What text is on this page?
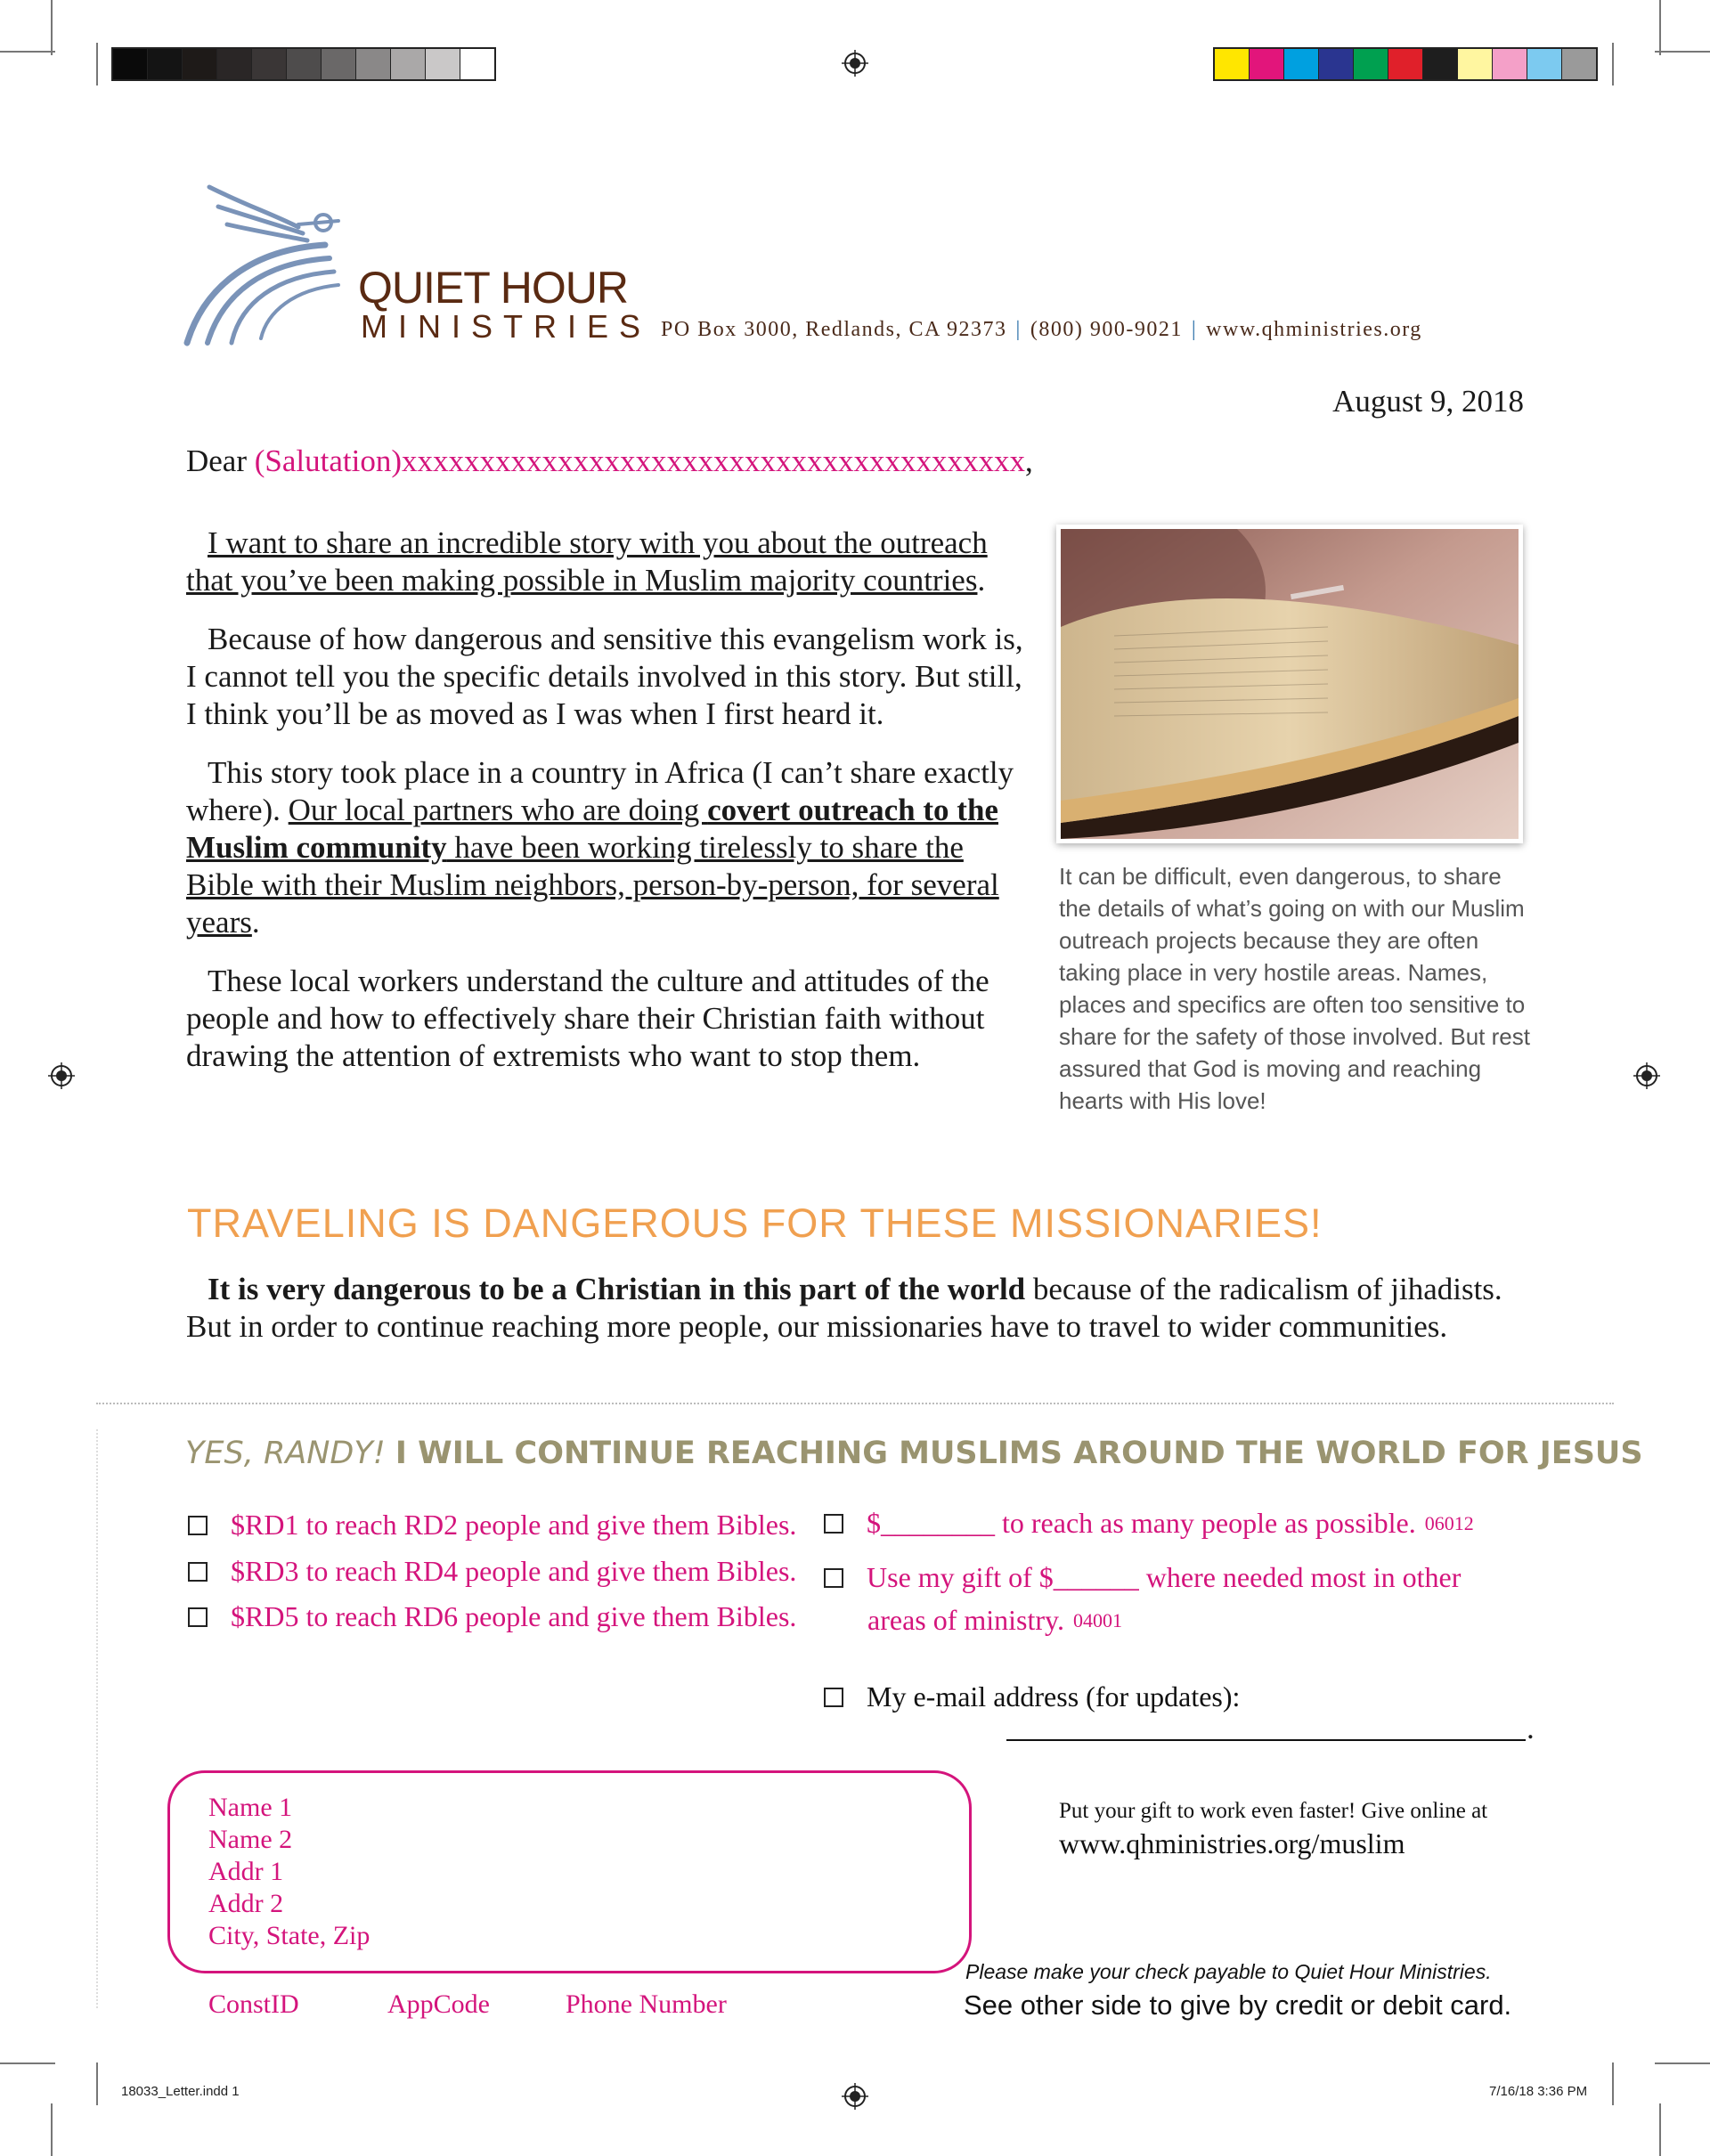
QUIET HOUR
MINISTRIES PO Box 3000, Redlands, CA 92373 | (800) 900-9021 | www.qhministries.org
August 9, 2018
Dear (Salutation)xxxxxxxxxxxxxxxxxxxxxxxxxxxxxxxxxxxxxxxx,

I want to share an incredible story with you about the outreach that you’ve been making possible in Muslim majority countries.

Because of how dangerous and sensitive this evangelism work is, I cannot tell you the specific details involved in this story. But still, I think you’ll be as moved as I was when I first heard it.

This story took place in a country in Africa (I can’t share exactly where). Our local partners who are doing covert outreach to the Muslim community have been working tirelessly to share the Bible with their Muslim neighbors, person-by-person, for several years.

These local workers understand the culture and attitudes of the people and how to effectively share their Christian faith without drawing the attention of extremists who want to stop them.

It can be difficult, even dangerous, to share the details of what’s going on with our Muslim outreach projects because they are often taking place in very hostile areas. Names, places and specifics are often too sensitive to share for the safety of those involved. But rest assured that God is moving and reaching hearts with His love!
TRAVELING IS DANGEROUS FOR THESE MISSIONARIES!

It is very dangerous to be a Christian in this part of the world because of the radicalism of jihadists. But in order to continue reaching more people, our missionaries have to travel to wider communities.

YES, RANDY! I WILL CONTINUE REACHING MUSLIMS AROUND THE WORLD FOR JESUS
$RD1 to reach RD2 people and give them Bibles.
$RD3 to reach RD4 people and give them Bibles.
$RD5 to reach RD6 people and give them Bibles.
$________ to reach as many people as possible. 06012
Use my gift of $______ where needed most in other
areas of ministry. 04001
My e-mail address (for updates):
.
Name 1
Name 2
Addr 1
Addr 2
City, State, Zip
ConstID	AppCode	Phone Number
Put your gift to work even faster! Give online at
www.qhministries.org/muslim
Please make your check payable to Quiet Hour Ministries.
See other side to give by credit or debit card.
18033_Letter.indd 1	7/16/18 3:36 PM
